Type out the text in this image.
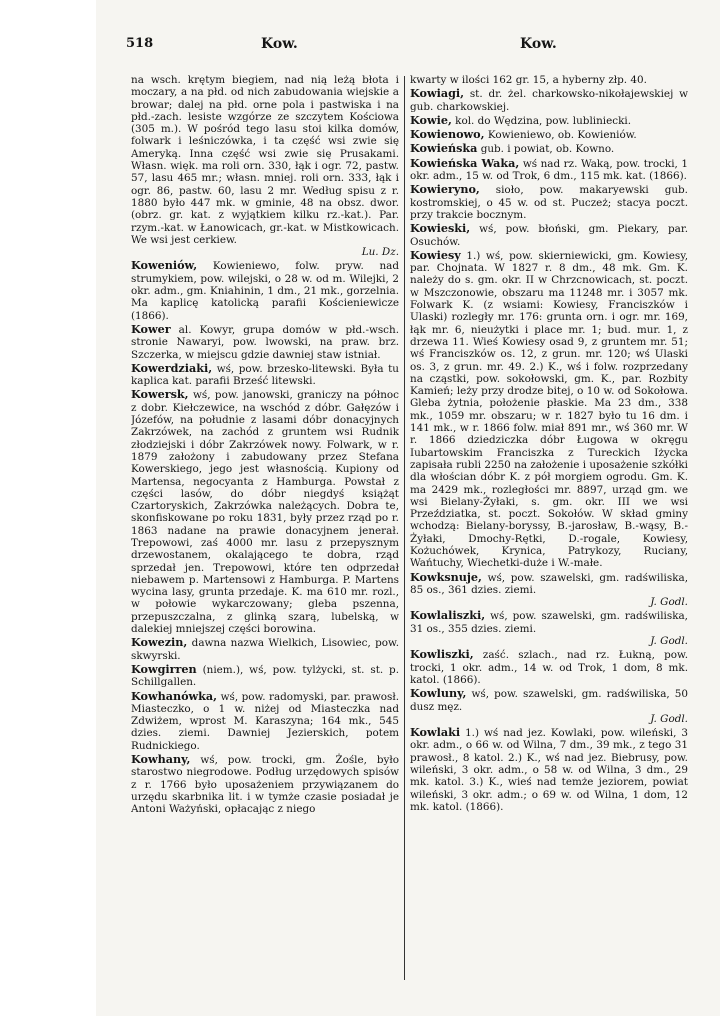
518	Kow.	Kow.

na wsch. krętym biegiem, nad nią leżą błota i moczary, a na płd. od nich zabudowania wiejskie a browar; dalej na płd. orne pola i pastwiska i na płd.-zach. lesiste wzgórze ze szczytem Kościowa (305 m.). W pośród tego lasu stoi kilka domów, folwark i leśniczówka, i ta część wsi zwie się Ameryką. Inna część wsi zwie się Prusakami. Własn. więk. ma roli orn. 330, łąk i ogr. 72, pastw. 57, lasu 465 mr.; własn. mniej. roli orn. 333, łąk i ogr. 86, pastw. 60, lasu 2 mr. Według spisu z r. 1880 było 447 mk. w gminie, 48 na obsz. dwor. (obrz. gr. kat. z wyjątkiem kilku rz.-kat.). Par. rzym.-kat. w Łanowicach, gr.-kat. w Mistkowicach. We wsi jest cerkiew.
Lu. Dz.

Koweniów, Kowieniewo, folw. pryw. nad strumykiem, pow. wilejski, o 28 w. od m. Wilejki, 2 okr. adm., gm. Kniahinin, 1 dm., 21 mk., gorzelnia. Ma kaplicę katolicką parafii Kościeniewicze (1866).

Kower al. Kowyr, grupa domów w płd.-wsch. stronie Nawaryi, pow. lwowski, na praw. brz. Szczerka, w miejscu gdzie dawniej staw istniał.

Kowerdziaki, wś, pow. brzesko-litewski. Była tu kaplica kat. parafii Brześć litewski.

Kowersk, wś, pow. janowski, graniczy na północ z dobr. Kiełczewice, na wschód z dóbr. Gałęzów i Józefów, na południe z lasami dóbr donacyjnych Zakrzówek, na zachód z gruntem wsi Rudnik złodziejski i dóbr Zakrzówek nowy. Folwark, w r. 1879 założony i zabudowany przez Stefana Kowerskiego, jego jest własnością. Kupiony od Martensa, negocyanta z Hamburga. Powstał z części lasów, do dóbr niegdyś książąt Czartoryskich, Zakrzówka należących. Dobra te, skonfiskowane po roku 1831, były przez rząd po r. 1863 nadane na prawie donacyjnem jenerał. Trepowowi, zaś 4000 mr. lasu z przepysznym drzewostanem, okalającego te dobra, rząd sprzedał jen. Trepowowi, które ten odprzedał niebawem p. Martensowi z Hamburga. P. Martens wycina lasy, grunta przedaje. K. ma 610 mr. rozl., w połowie wykarczowany; gleba pszenna, przepuszczalna, z glinką szarą, lubelską, w dalekiej mniejszej części borowina.

Kowezin, dawna nazwa Wielkich, Lisowiec, pow. skwyrski.

Kowgirren (niem.), wś, pow. tylżycki, st. st. p. Schillgallen.

Kowhanówka, wś, pow. radomyski, par. prawosł. Miasteczko, o 1 w. niżej od Miasteczka nad Zdwiżem, wprost M. Karaszyna; 164 mk., 545 dzies. ziemi. Dawniej Jezierskich, potem Rudnickiego.

Kowhany, wś, pow. trocki, gm. Żośle, było starostwo niegrodowe. Podług urzędowych spisów z r. 1766 było uposażeniem przywiązanem do urzędu skarbnika lit. i w tymże czasie posiadał je Antoni Ważyński, opłacając z niego

kwarty w ilości 162 gr. 15, a hyberny złp. 40.

Kowiagi, st. dr. żel. charkowsko-nikołajewskiej w gub. charkowskiej.

Kowie, kol. do Wędzina, pow. lubliniecki.

Kowienowo, Kowieniewo, ob. Kowieniów.

Kowieńska gub. i powiat, ob. Kowno.

Kowieńska Waka, wś nad rz. Waką, pow. trocki, 1 okr. adm., 15 w. od Trok, 6 dm., 115 mk. kat. (1866).

Kowieryno, sioło, pow. makaryewski gub. kostromskiej, o 45 w. od st. Puczeż; stacya poczt. przy trakcie bocznym.

Kowieski, wś, pow. błoński, gm. Piekary, par. Osuchów.

Kowiesy 1.) wś, pow. skierniewicki, gm. Kowiesy, par. Chojnata. W 1827 r. 8 dm., 48 mk. Gm. K. należy do s. gm. okr. II w Chrzcnowicach, st. poczt. w Mszczonowie, obszaru ma 11248 mr. i 3057 mk. Folwark K. (z wsiami: Kowiesy, Franciszków i Ulaski) rozległy mr. 176: grunta orn. i ogr. mr. 169, łąk mr. 6, nieużytki i place mr. 1; bud. mur. 1, z drzewa 11. Wieś Kowiesy osad 9, z gruntem mr. 51; wś Franciszków os. 12, z grun. mr. 120; wś Ulaski os. 3, z grun. mr. 49. 2.) K., wś i folw. rozprzedany na cząstki, pow. sokołowski, gm. K., par. Rozbity Kamień; leży przy drodze bitej, o 10 w. od Sokołowa. Gleba żytnia, położenie płaskie. Ma 23 dm., 338 mk., 1059 mr. obszaru; w r. 1827 było tu 16 dm. i 141 mk., w r. 1866 folw. miał 891 mr., wś 360 mr. W r. 1866 dziedziczka dóbr Ługowa w okręgu Iubartowskim Franciszka z Tureckich Iżycka zapisała rubli 2250 na założenie i uposażenie szkółki dla włościan dóbr K. z pół morgiem ogrodu. Gm. K. ma 2429 mk., rozległości mr. 8897, urząd gm. we wsi Bielany-Żyłaki, s. gm. okr. III we wsi Przeździatka, st. poczt. Sokołów. W skład gminy wchodzą: Bielany-boryssy, B.-jarosław, B.-wąsy, B.-Żyłaki, Dmochy-Rętki, D.-rogale, Kowiesy, Kożuchówek, Krynica, Patrykozy, Ruciany, Wańtuchy, Wiechetki-duże i W.-małe.

Kowksnuje, wś, pow. szawelski, gm. radświliska, 85 os., 361 dzies. ziemi.
J. Godl.

Kowlaliszki, wś, pow. szawelski, gm. radświliska, 31 os., 355 dzies. ziemi.
J. Godl.

Kowliszki, zaść. szlach., nad rz. Łukną, pow. trocki, 1 okr. adm., 14 w. od Trok, 1 dom, 8 mk. katol. (1866).

Kowluny, wś, pow. szawelski, gm. radświliska, 50 dusz męz.
J. Godl.

Kowlaki 1.) wś nad jez. Kowlaki, pow. wileński, 3 okr. adm., o 66 w. od Wilna, 7 dm., 39 mk., z tego 31 prawosł., 8 katol. 2.) K., wś nad jez. Biebrusy, pow. wileński, 3 okr. adm., o 58 w. od Wilna, 3 dm., 29 mk. katol. 3.) K., wieś nad temże jeziorem, powiat wileński, 3 okr. adm.; o 69 w. od Wilna, 1 dom, 12 mk. katol. (1866).
